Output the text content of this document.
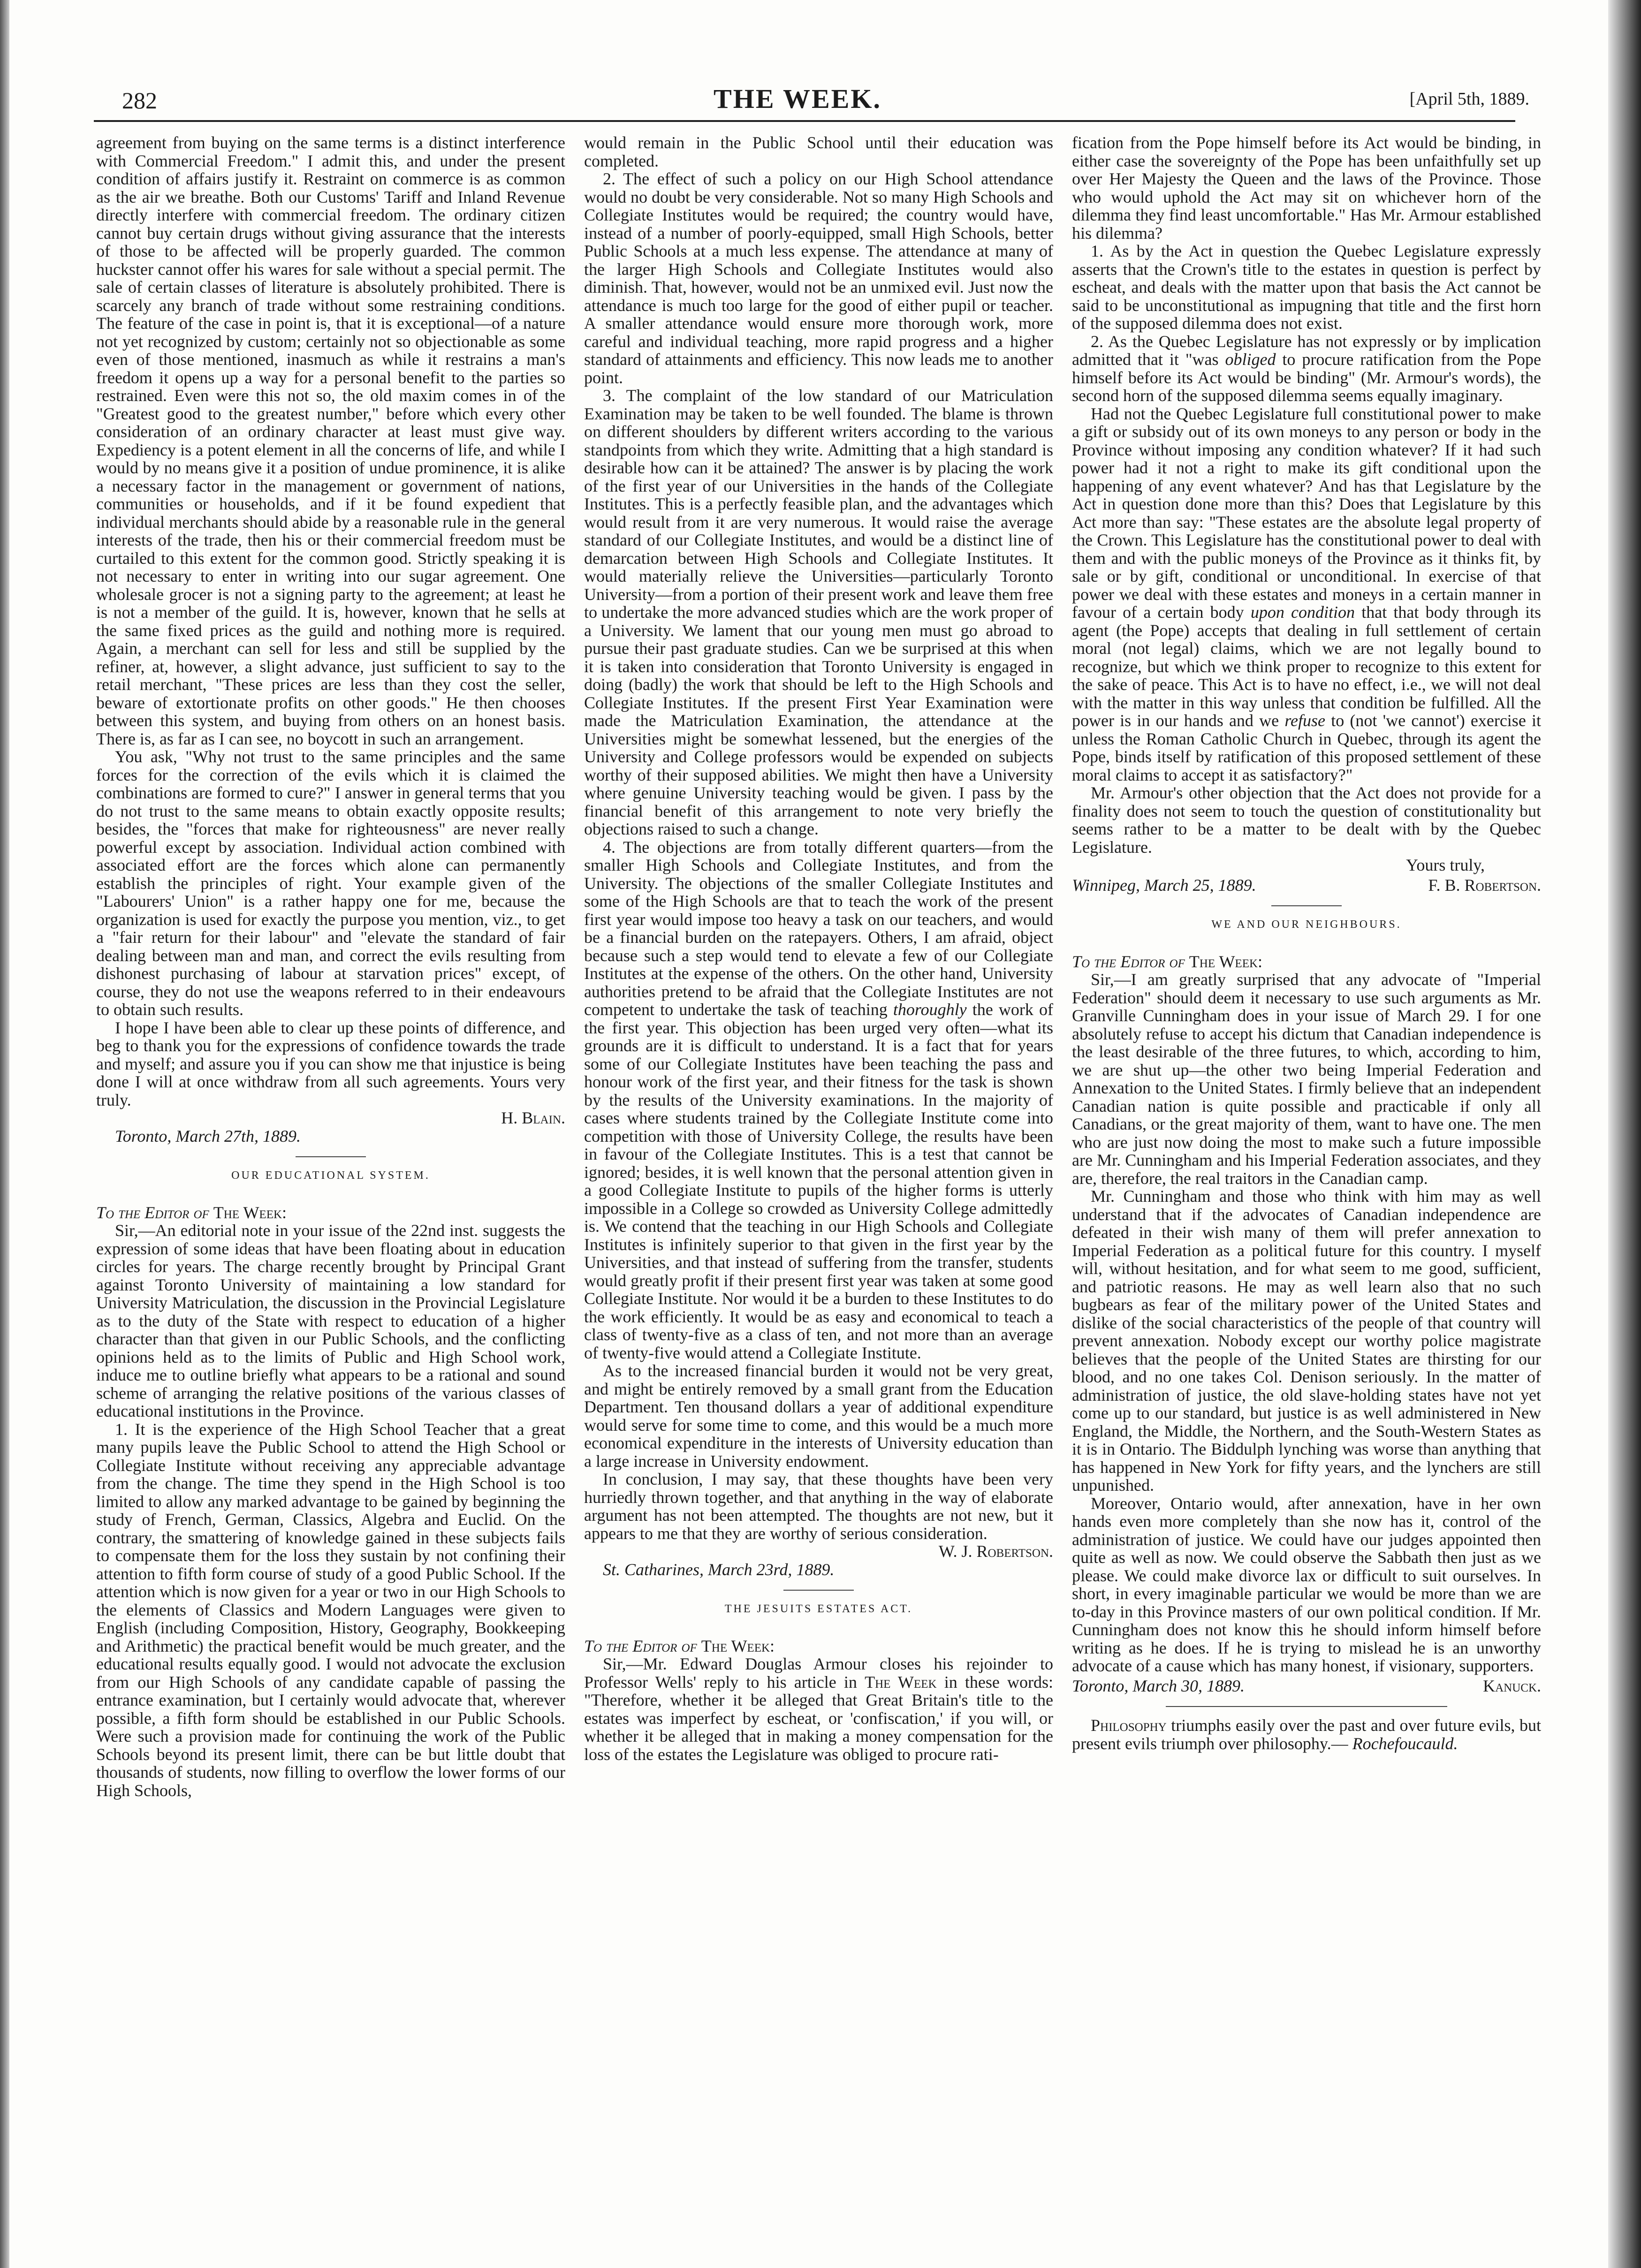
282	THE WEEK.	[April 5th, 1889.

agreement from buying on the same terms is a distinct interference with Commercial Freedom." I admit this, and under the present condition of affairs justify it. Restraint on commerce is as common as the air we breathe. Both our Customs' Tariff and Inland Revenue directly interfere with commercial freedom. The ordinary citizen cannot buy certain drugs without giving assurance that the interests of those to be affected will be properly guarded. The common huckster cannot offer his wares for sale without a special permit. The sale of certain classes of literature is absolutely prohibited. There is scarcely any branch of trade without some restraining conditions. The feature of the case in point is, that it is exceptional—of a nature not yet recognized by custom; certainly not so objectionable as some even of those mentioned, inasmuch as while it restrains a man's freedom it opens up a way for a personal benefit to the parties so restrained. Even were this not so, the old maxim comes in of the "Greatest good to the greatest number," before which every other consideration of an ordinary character at least must give way. Expediency is a potent element in all the concerns of life, and while I would by no means give it a position of undue prominence, it is alike a necessary factor in the management or government of nations, communities or households, and if it be found expedient that individual merchants should abide by a reasonable rule in the general interests of the trade, then his or their commercial freedom must be curtailed to this extent for the common good. Strictly speaking it is not necessary to enter in writing into our sugar agreement. One wholesale grocer is not a signing party to the agreement; at least he is not a member of the guild. It is, however, known that he sells at the same fixed prices as the guild and nothing more is required. Again, a merchant can sell for less and still be supplied by the refiner, at, however, a slight advance, just sufficient to say to the retail merchant, "These prices are less than they cost the seller, beware of extortionate profits on other goods." He then chooses between this system, and buying from others on an honest basis. There is, as far as I can see, no boycott in such an arrangement.

You ask, "Why not trust to the same principles and the same forces for the correction of the evils which it is claimed the combinations are formed to cure?" I answer in general terms that you do not trust to the same means to obtain exactly opposite results; besides, the "forces that make for righteousness" are never really powerful except by association. Individual action combined with associated effort are the forces which alone can permanently establish the principles of right. Your example given of the "Labourers' Union" is a rather happy one for me, because the organization is used for exactly the purpose you mention, viz., to get a "fair return for their labour" and "elevate the standard of fair dealing between man and man, and correct the evils resulting from dishonest purchasing of labour at starvation prices" except, of course, they do not use the weapons referred to in their endeavours to obtain such results.

I hope I have been able to clear up these points of difference, and beg to thank you for the expressions of confidence towards the trade and myself; and assure you if you can show me that injustice is being done I will at once withdraw from all such agreements. Yours very truly.

H. Blain.

Toronto, March 27th, 1889.

OUR EDUCATIONAL SYSTEM.

To the Editor of The Week:

Sir,—An editorial note in your issue of the 22nd inst. suggests the expression of some ideas that have been floating about in education circles for years. The charge recently brought by Principal Grant against Toronto University of maintaining a low standard for University Matriculation, the discussion in the Provincial Legislature as to the duty of the State with respect to education of a higher character than that given in our Public Schools, and the conflicting opinions held as to the limits of Public and High School work, induce me to outline briefly what appears to be a rational and sound scheme of arranging the relative positions of the various classes of educational institutions in the Province.

1. It is the experience of the High School Teacher that a great many pupils leave the Public School to attend the High School or Collegiate Institute without receiving any appreciable advantage from the change. The time they spend in the High School is too limited to allow any marked advantage to be gained by beginning the study of French, German, Classics, Algebra and Euclid. On the contrary, the smattering of knowledge gained in these subjects fails to compensate them for the loss they sustain by not confining their attention to fifth form course of study of a good Public School. If the attention which is now given for a year or two in our High Schools to the elements of Classics and Modern Languages were given to English (including Composition, History, Geography, Bookkeeping and Arithmetic) the practical benefit would be much greater, and the educational results equally good. I would not advocate the exclusion from our High Schools of any candidate capable of passing the entrance examination, but I certainly would advocate that, wherever possible, a fifth form should be established in our Public Schools. Were such a provision made for continuing the work of the Public Schools beyond its present limit, there can be but little doubt that thousands of students, now filling to overflow the lower forms of our High Schools,

would remain in the Public School until their education was completed.

2. The effect of such a policy on our High School attendance would no doubt be very considerable. Not so many High Schools and Collegiate Institutes would be required; the country would have, instead of a number of poorly-equipped, small High Schools, better Public Schools at a much less expense. The attendance at many of the larger High Schools and Collegiate Institutes would also diminish. That, however, would not be an unmixed evil. Just now the attendance is much too large for the good of either pupil or teacher. A smaller attendance would ensure more thorough work, more careful and individual teaching, more rapid progress and a higher standard of attainments and efficiency. This now leads me to another point.

3. The complaint of the low standard of our Matriculation Examination may be taken to be well founded. The blame is thrown on different shoulders by different writers according to the various standpoints from which they write. Admitting that a high standard is desirable how can it be attained? The answer is by placing the work of the first year of our Universities in the hands of the Collegiate Institutes. This is a perfectly feasible plan, and the advantages which would result from it are very numerous. It would raise the average standard of our Collegiate Institutes, and would be a distinct line of demarcation between High Schools and Collegiate Institutes. It would materially relieve the Universities—particularly Toronto University—from a portion of their present work and leave them free to undertake the more advanced studies which are the work proper of a University. We lament that our young men must go abroad to pursue their past graduate studies. Can we be surprised at this when it is taken into consideration that Toronto University is engaged in doing (badly) the work that should be left to the High Schools and Collegiate Institutes. If the present First Year Examination were made the Matriculation Examination, the attendance at the Universities might be somewhat lessened, but the energies of the University and College professors would be expended on subjects worthy of their supposed abilities. We might then have a University where genuine University teaching would be given. I pass by the financial benefit of this arrangement to note very briefly the objections raised to such a change.

4. The objections are from totally different quarters—from the smaller High Schools and Collegiate Institutes, and from the University. The objections of the smaller Collegiate Institutes and some of the High Schools are that to teach the work of the present first year would impose too heavy a task on our teachers, and would be a financial burden on the ratepayers. Others, I am afraid, object because such a step would tend to elevate a few of our Collegiate Institutes at the expense of the others. On the other hand, University authorities pretend to be afraid that the Collegiate Institutes are not competent to undertake the task of teaching thoroughly the work of the first year. This objection has been urged very often—what its grounds are it is difficult to understand. It is a fact that for years some of our Collegiate Institutes have been teaching the pass and honour work of the first year, and their fitness for the task is shown by the results of the University examinations. In the majority of cases where students trained by the Collegiate Institute come into competition with those of University College, the results have been in favour of the Collegiate Institutes. This is a test that cannot be ignored; besides, it is well known that the personal attention given in a good Collegiate Institute to pupils of the higher forms is utterly impossible in a College so crowded as University College admittedly is. We contend that the teaching in our High Schools and Collegiate Institutes is infinitely superior to that given in the first year by the Universities, and that instead of suffering from the transfer, students would greatly profit if their present first year was taken at some good Collegiate Institute. Nor would it be a burden to these Institutes to do the work efficiently. It would be as easy and economical to teach a class of twenty-five as a class of ten, and not more than an average of twenty-five would attend a Collegiate Institute.

As to the increased financial burden it would not be very great, and might be entirely removed by a small grant from the Education Department. Ten thousand dollars a year of additional expenditure would serve for some time to come, and this would be a much more economical expenditure in the interests of University education than a large increase in University endowment.

In conclusion, I may say, that these thoughts have been very hurriedly thrown together, and that anything in the way of elaborate argument has not been attempted. The thoughts are not new, but it appears to me that they are worthy of serious consideration.

W. J. Robertson.

St. Catharines, March 23rd, 1889.

THE JESUITS ESTATES ACT.

To the Editor of The Week:

Sir,—Mr. Edward Douglas Armour closes his rejoinder to Professor Wells' reply to his article in The Week in these words: "Therefore, whether it be alleged that Great Britain's title to the estates was imperfect by escheat, or 'confiscation,' if you will, or whether it be alleged that in making a money compensation for the loss of the estates the Legislature was obliged to procure rati-

fication from the Pope himself before its Act would be binding, in either case the sovereignty of the Pope has been unfaithfully set up over Her Majesty the Queen and the laws of the Province. Those who would uphold the Act may sit on whichever horn of the dilemma they find least uncomfortable." Has Mr. Armour established his dilemma?

1. As by the Act in question the Quebec Legislature expressly asserts that the Crown's title to the estates in question is perfect by escheat, and deals with the matter upon that basis the Act cannot be said to be unconstitutional as impugning that title and the first horn of the supposed dilemma does not exist.

2. As the Quebec Legislature has not expressly or by implication admitted that it "was obliged to procure ratification from the Pope himself before its Act would be binding" (Mr. Armour's words), the second horn of the supposed dilemma seems equally imaginary.

Had not the Quebec Legislature full constitutional power to make a gift or subsidy out of its own moneys to any person or body in the Province without imposing any condition whatever? If it had such power had it not a right to make its gift conditional upon the happening of any event whatever? And has that Legislature by the Act in question done more than this? Does that Legislature by this Act more than say: "These estates are the absolute legal property of the Crown. This Legislature has the constitutional power to deal with them and with the public moneys of the Province as it thinks fit, by sale or by gift, conditional or unconditional. In exercise of that power we deal with these estates and moneys in a certain manner in favour of a certain body upon condition that that body through its agent (the Pope) accepts that dealing in full settlement of certain moral (not legal) claims, which we are not legally bound to recognize, but which we think proper to recognize to this extent for the sake of peace. This Act is to have no effect, i.e., we will not deal with the matter in this way unless that condition be fulfilled. All the power is in our hands and we refuse to (not 'we cannot') exercise it unless the Roman Catholic Church in Quebec, through its agent the Pope, binds itself by ratification of this proposed settlement of these moral claims to accept it as satisfactory?"

Mr. Armour's other objection that the Act does not provide for a finality does not seem to touch the question of constitutionality but seems rather to be a matter to be dealt with by the Quebec Legislature.

Yours truly,

Winnipeg, March 25, 1889.	F. B. Robertson.
WE AND OUR NEIGHBOURS.

To the Editor of The Week:

Sir,—I am greatly surprised that any advocate of "Imperial Federation" should deem it necessary to use such arguments as Mr. Granville Cunningham does in your issue of March 29. I for one absolutely refuse to accept his dictum that Canadian independence is the least desirable of the three futures, to which, according to him, we are shut up—the other two being Imperial Federation and Annexation to the United States. I firmly believe that an independent Canadian nation is quite possible and practicable if only all Canadians, or the great majority of them, want to have one. The men who are just now doing the most to make such a future impossible are Mr. Cunningham and his Imperial Federation associates, and they are, therefore, the real traitors in the Canadian camp.

Mr. Cunningham and those who think with him may as well understand that if the advocates of Canadian independence are defeated in their wish many of them will prefer annexation to Imperial Federation as a political future for this country. I myself will, without hesitation, and for what seem to me good, sufficient, and patriotic reasons. He may as well learn also that no such bugbears as fear of the military power of the United States and dislike of the social characteristics of the people of that country will prevent annexation. Nobody except our worthy police magistrate believes that the people of the United States are thirsting for our blood, and no one takes Col. Denison seriously. In the matter of administration of justice, the old slave-holding states have not yet come up to our standard, but justice is as well administered in New England, the Middle, the Northern, and the South-Western States as it is in Ontario. The Biddulph lynching was worse than anything that has happened in New York for fifty years, and the lynchers are still unpunished.

Moreover, Ontario would, after annexation, have in her own hands even more completely than she now has it, control of the administration of justice. We could have our judges appointed then quite as well as now. We could observe the Sabbath then just as we please. We could make divorce lax or difficult to suit ourselves. In short, in every imaginable particular we would be more than we are to-day in this Province masters of our own political condition. If Mr. Cunningham does not know this he should inform himself before writing as he does. If he is trying to mislead he is an unworthy advocate of a cause which has many honest, if visionary, supporters.

Toronto, March 30, 1889.	Kanuck.

Philosophy triumphs easily over the past and over future evils, but present evils triumph over philosophy.— Rochefoucauld.
